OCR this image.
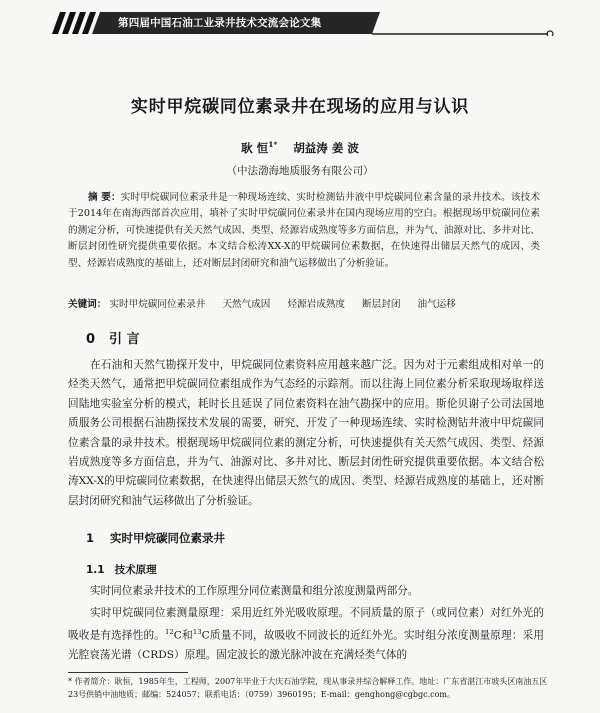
第四届中国石油工业录井技术交流会论文集
实时甲烷碳同位素录井在现场的应用与认识
耿 恒$^{1*}$ 胡益涛 姜 波
（中法渤海地质服务有限公司）
摘 要：实时甲烷碳同位素录井是一种现场连续、实时检测钻井液中甲烷碳同位素含量的录井技术。该技术于2014年在南海西部首次应用，填补了实时甲烷碳同位素录井在国内现场应用的空白。根据现场甲烷碳同位素的测定分析，可快速提供有关天然气成因、类型、烃源岩成熟度等多方面信息，并为气、油源对比、多井对比、断层封闭性研究提供重要依据。本文结合松涛XX-X的甲烷碳同位素数据，在快速得出储层天然气的成因、类型、烃源岩成熟度的基础上，还对断层封闭研究和油气运移做出了分析验证。
关键词： 实时甲烷碳同位素录井 天然气成因 烃源岩成熟度 断层封闭 油气运移
0 引 言
在石油和天然气勘探开发中，甲烷碳同位素资料应用越来越广泛。因为对于元素组成相对单一的烃类天然气，通常把甲烷碳同位素组成作为气态经的示踪剂。而以往海上同位素分析采取现场取样送回陆地实验室分析的模式，耗时长且延误了同位素资料在油气勘探中的应用。斯伦贝谢子公司法国地质服务公司根据石油勘探技术发展的需要，研究、开发了一种现场连续、实时检测钻井液中甲烷碳同位素含量的录井技术。根据现场甲烷碳同位素的测定分析，可快速提供有关天然气成因、类型、烃源岩成熟度等多方面信息，并为气、油源对比、多井对比、断层封闭性研究提供重要依据。本文结合松涛XX-X的甲烷碳同位素数据，在快速得出储层天然气的成因、类型、烃源岩成熟度的基础上，还对断层封闭研究和油气运移做出了分析验证。
1 实时甲烷碳同位素录井
1.1 技术原理
实时同位素录井技术的工作原理分同位素测量和组分浓度测量两部分。
实时甲烷碳同位素测量原理：采用近红外光吸收原理。不同质量的原子（或同位素）对红外光的吸收是有选择性的。$^{12}$C和$^{13}$C质量不同，故吸收不同波长的近红外光。实时组分浓度测量原理：采用光腔衰荡光谱（CRDS）原理。固定波长的激光脉冲波在充满烃类气体的
* 作者简介：耿恒，1985年生，工程师，2007年毕业于大庆石油学院，现从事录井综合解释工作。地址：广东省湛江市坡头区南油五区23号供销中油地质；邮编：524057；联系电话：（0759）3960195；E-mail：genghong@cgbgc.com。
